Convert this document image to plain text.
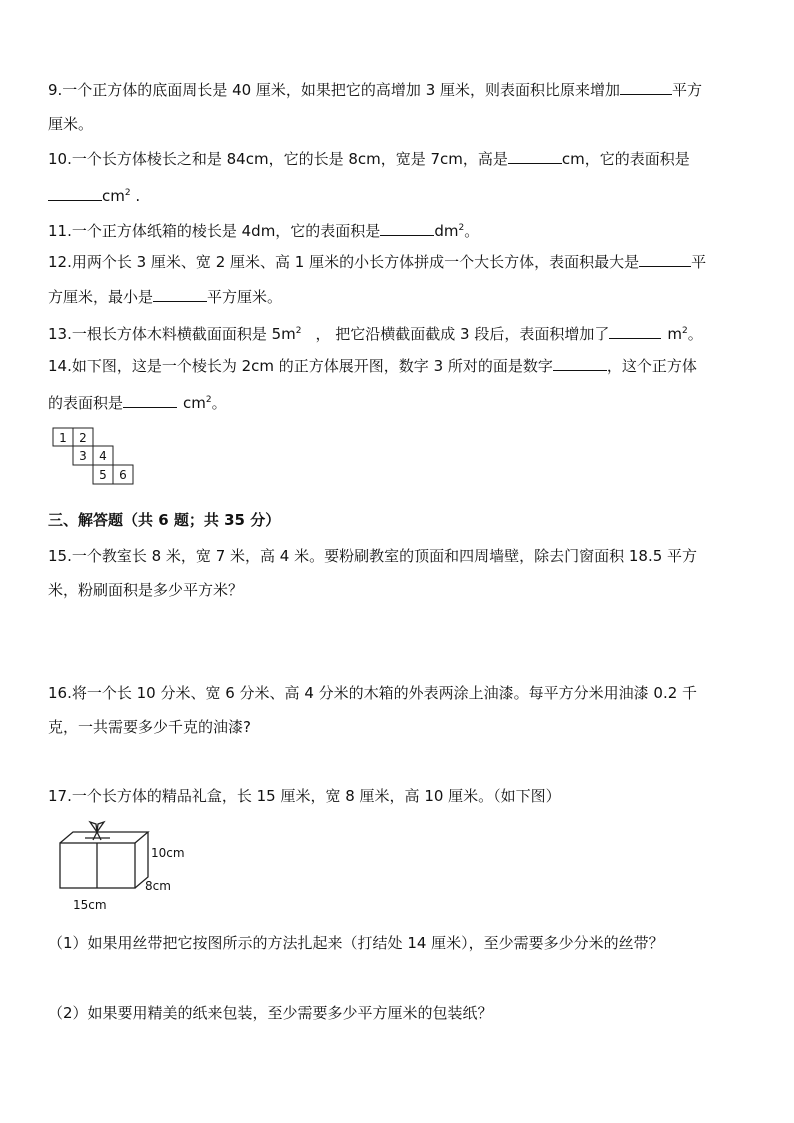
9.一个正方体的底面周长是 40 厘米，如果把它的高增加 3 厘米，则表面积比原来增加	平方
厘米。
10.一个长方体棱长之和是 84cm，它的长是 8cm，宽是 7cm，高是	cm，它的表面积是
$cm^2$ .
11.一个正方体纸箱的棱长是 4dm，它的表面积是	$dm^2$。
12.用两个长 3 厘米、宽 2 厘米、高 1 厘米的小长方体拼成一个大长方体，表面积最大是	平
方厘米，最小是	平方厘米。
13.一根长方体木料横截面面积是 $5m^2$ ， 把它沿横截面截成 3 段后，表面积增加了	$m^2$。
14.如下图，这是一个棱长为 2cm 的正方体展开图，数字 3 所对的面是数字	，这个正方体
的表面积是	$cm^2$。
1 2
3 4
5 6
三、解答题（共 6 题；共 35 分）
15.一个教室长 8 米，宽 7 米，高 4 米。要粉刷教室的顶面和四周墙壁，除去门窗面积 18.5 平方
米，粉刷面积是多少平方米？
16.将一个长 10 分米、宽 6 分米、高 4 分米的木箱的外表两涂上油漆。每平方分米用油漆 0.2 千
克，一共需要多少千克的油漆?
17.一个长方体的精品礼盒，长 15 厘米，宽 8 厘米，高 10 厘米。（如下图）
10cm
8cm
15cm
（1）如果用丝带把它按图所示的方法扎起来（打结处 14 厘米），至少需要多少分米的丝带？
（2）如果要用精美的纸来包装，至少需要多少平方厘米的包装纸？
